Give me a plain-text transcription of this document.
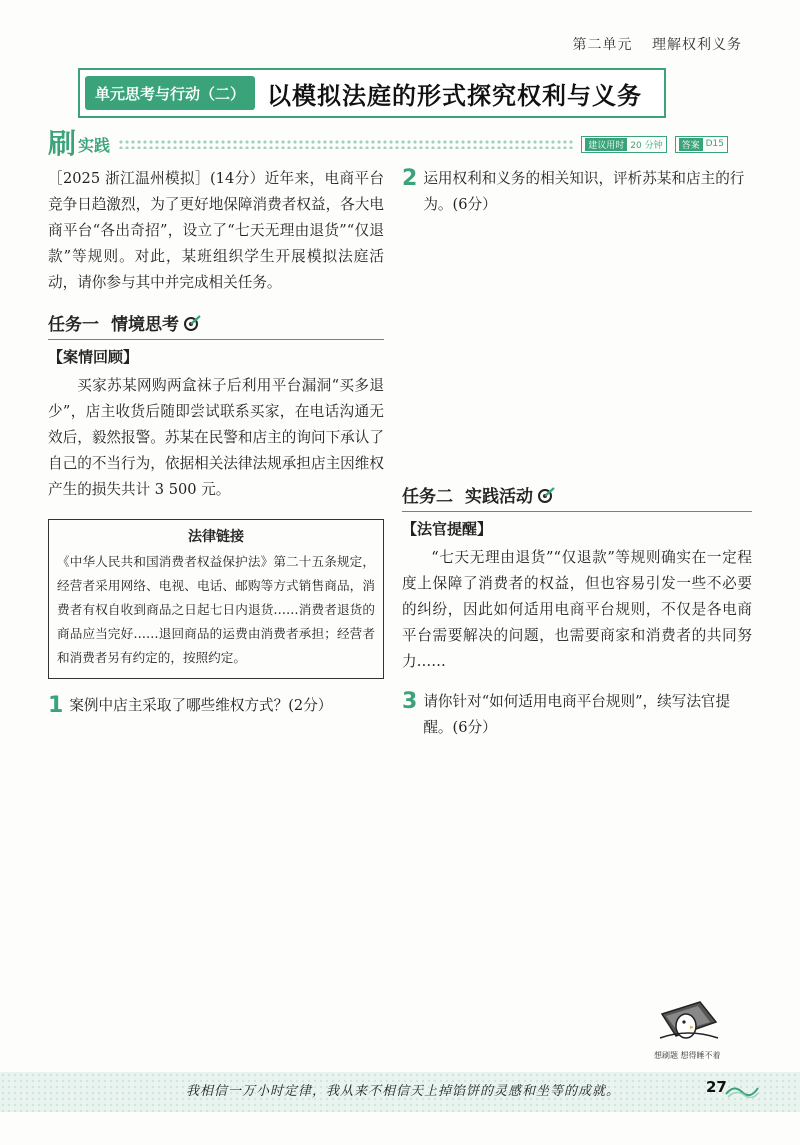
第二单元 理解权利义务
单元思考与行动（二） 以模拟法庭的形式探究权利与义务
刷 实践	建议用时 20 分钟	答案 D15

［2025 浙江温州模拟］(14分）近年来，电商平台竞争日趋激烈，为了更好地保障消费者权益，各大电商平台“各出奇招”，设立了“七天无理由退货”“仅退款”等规则。对此，某班组织学生开展模拟法庭活动，请你参与其中并完成相关任务。

任务一 情境思考
【案情回顾】

买家苏某网购两盒袜子后利用平台漏洞“买多退少”，店主收货后随即尝试联系买家，在电话沟通无效后，毅然报警。苏某在民警和店主的询问下承认了自己的不当行为，依据相关法律法规承担店主因维权产生的损失共计 3 500 元。

法律链接

《中华人民共和国消费者权益保护法》第二十五条规定，经营者采用网络、电视、电话、邮购等方式销售商品，消费者有权自收到商品之日起七日内退货……消费者退货的商品应当完好……退回商品的运费由消费者承担；经营者和消费者另有约定的，按照约定。

1 案例中店主采取了哪些维权方式？(2分）
2 运用权利和义务的相关知识，评析苏某和店主的行为。(6分）
任务二 实践活动
【法官提醒】

“七天无理由退货”“仅退款”等规则确实在一定程度上保障了消费者的权益，但也容易引发一些不必要的纠纷，因此如何适用电商平台规则，不仅是各电商平台需要解决的问题，也需要商家和消费者的共同努力……

3 请你针对“如何适用电商平台规则”，续写法官提醒。(6分）
想刷题 想得睡不着
我相信一万小时定律，我从来不相信天上掉馅饼的灵感和坐等的成就。	27
